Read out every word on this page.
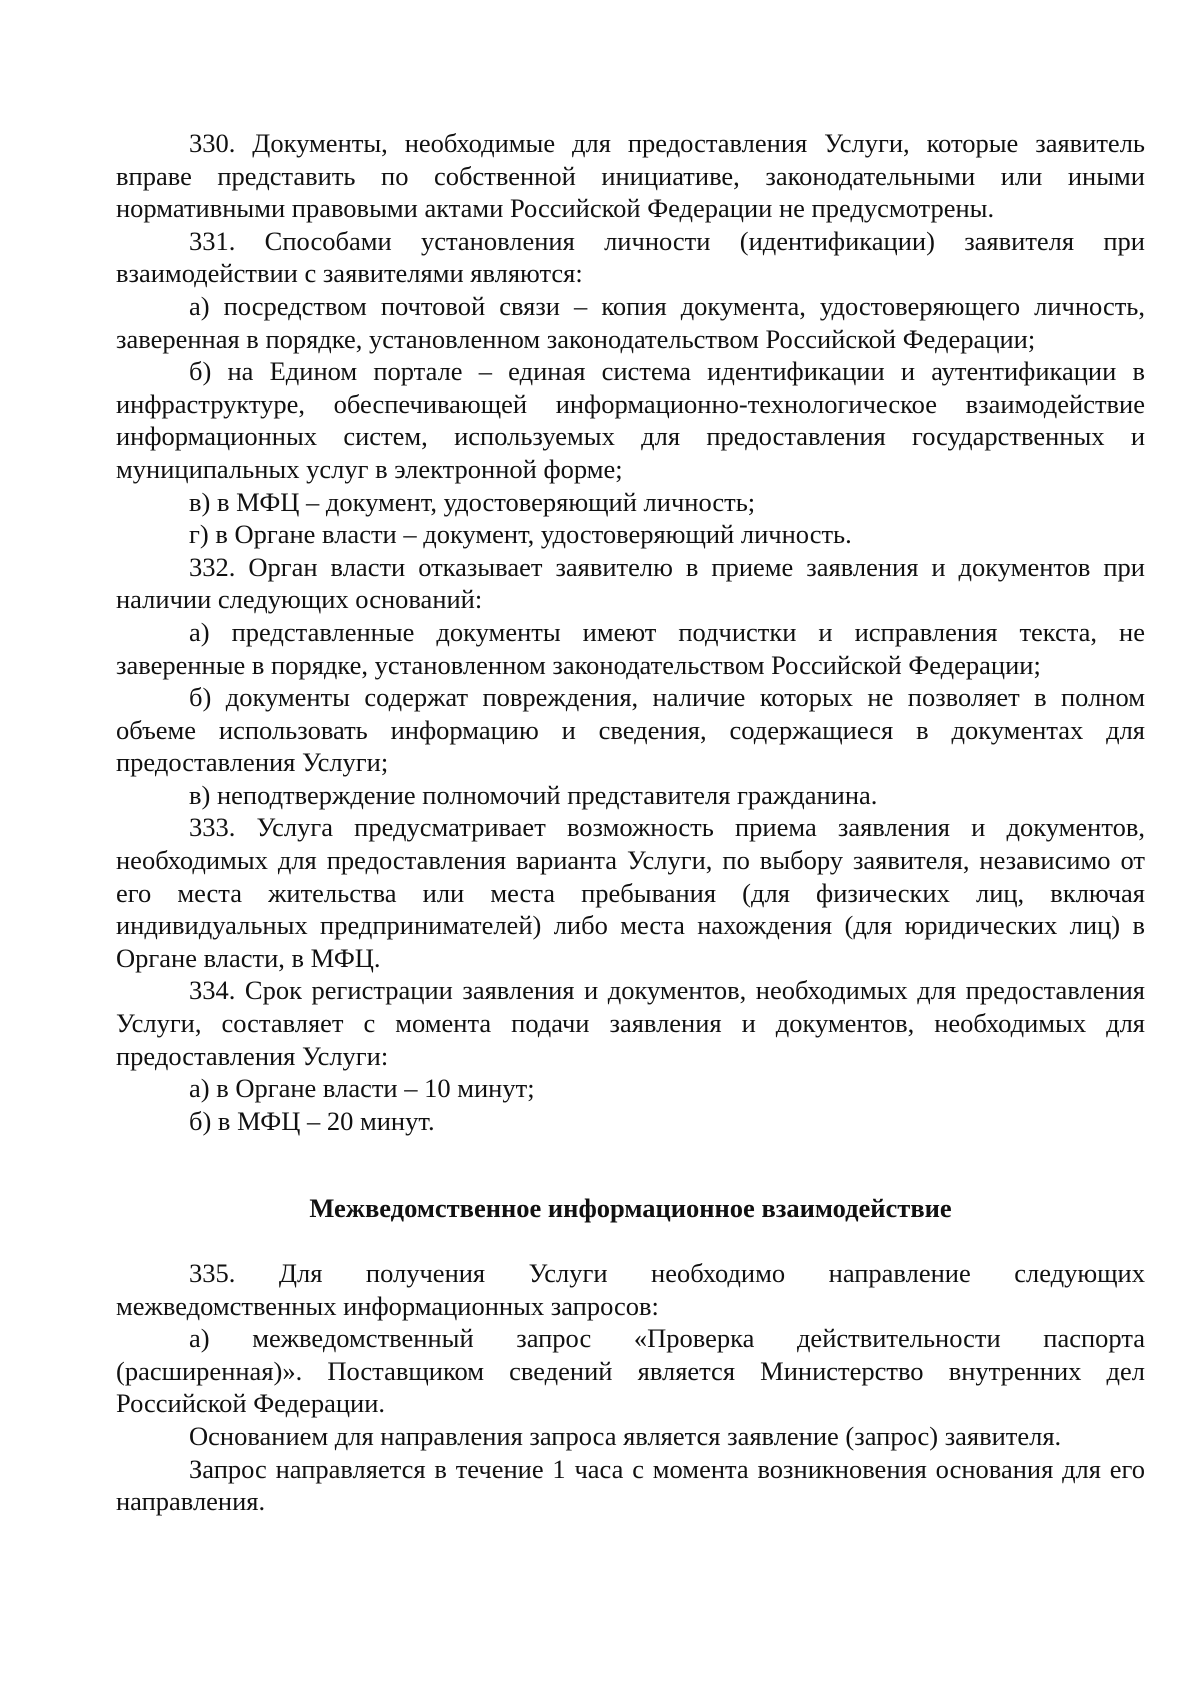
330. Документы, необходимые для предоставления Услуги, которые заявитель вправе представить по собственной инициативе, законодательными или иными нормативными правовыми актами Российской Федерации не предусмотрены.

331. Способами установления личности (идентификации) заявителя при взаимодействии с заявителями являются:

а) посредством почтовой связи – копия документа, удостоверяющего личность, заверенная в порядке, установленном законодательством Российской Федерации;

б) на Едином портале – единая система идентификации и аутентификации в инфраструктуре, обеспечивающей информационно-технологическое взаимодействие информационных систем, используемых для предоставления государственных и муниципальных услуг в электронной форме;

в) в МФЦ – документ, удостоверяющий личность;

г) в Органе власти – документ, удостоверяющий личность.

332. Орган власти отказывает заявителю в приеме заявления и документов при наличии следующих оснований:

а) представленные документы имеют подчистки и исправления текста, не заверенные в порядке, установленном законодательством Российской Федерации;

б) документы содержат повреждения, наличие которых не позволяет в полном объеме использовать информацию и сведения, содержащиеся в документах для предоставления Услуги;

в) неподтверждение полномочий представителя гражданина.

333. Услуга предусматривает возможность приема заявления и документов, необходимых для предоставления варианта Услуги, по выбору заявителя, независимо от его места жительства или места пребывания (для физических лиц, включая индивидуальных предпринимателей) либо места нахождения (для юридических лиц) в Органе власти, в МФЦ.

334. Срок регистрации заявления и документов, необходимых для предоставления Услуги, составляет с момента подачи заявления и документов, необходимых для предоставления Услуги:

а) в Органе власти – 10 минут;

б) в МФЦ – 20 минут.

Межведомственное информационное взаимодействие

335. Для получения Услуги необходимо направление следующих межведомственных информационных запросов:

а) межведомственный запрос «Проверка действительности паспорта (расширенная)». Поставщиком сведений является Министерство внутренних дел Российской Федерации.

Основанием для направления запроса является заявление (запрос) заявителя.

Запрос направляется в течение 1 часа с момента возникновения основания для его направления.
